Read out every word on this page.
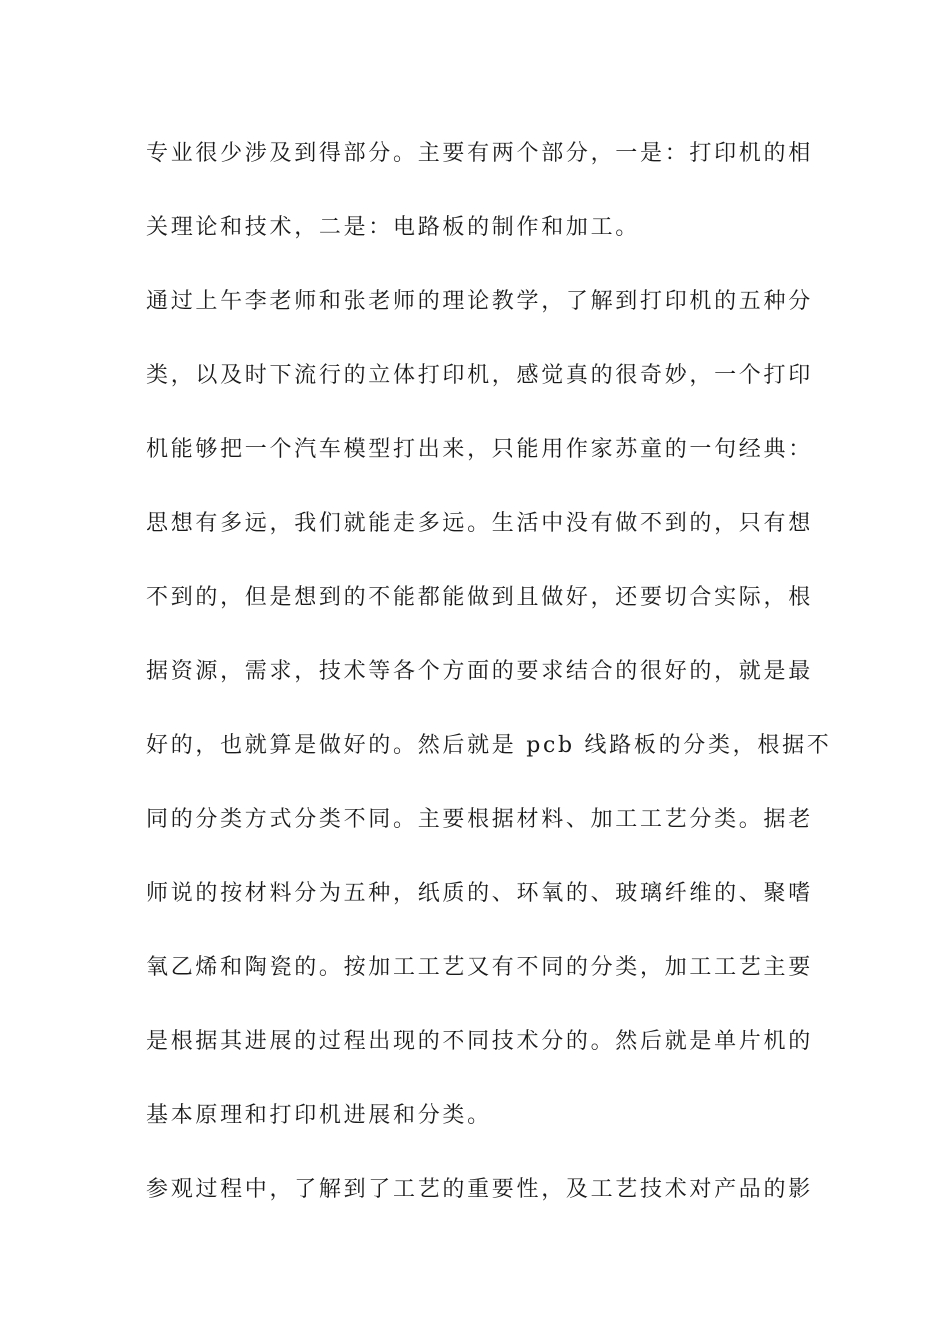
专业很少涉及到得部分。主要有两个部分，一是：打印机的相
关理论和技术，二是：电路板的制作和加工。
通过上午李老师和张老师的理论教学，了解到打印机的五种分
类，以及时下流行的立体打印机，感觉真的很奇妙，一个打印
机能够把一个汽车模型打出来，只能用作家苏童的一句经典：
思想有多远，我们就能走多远。生活中没有做不到的，只有想
不到的，但是想到的不能都能做到且做好，还要切合实际，根
据资源，需求，技术等各个方面的要求结合的很好的，就是最
好的，也就算是做好的。然后就是 pcb 线路板的分类，根据不
同的分类方式分类不同。主要根据材料、加工工艺分类。据老
师说的按材料分为五种，纸质的、环氧的、玻璃纤维的、聚嗜
氧乙烯和陶瓷的。按加工工艺又有不同的分类，加工工艺主要
是根据其进展的过程出现的不同技术分的。然后就是单片机的
基本原理和打印机进展和分类。
参观过程中，了解到了工艺的重要性，及工艺技术对产品的影
